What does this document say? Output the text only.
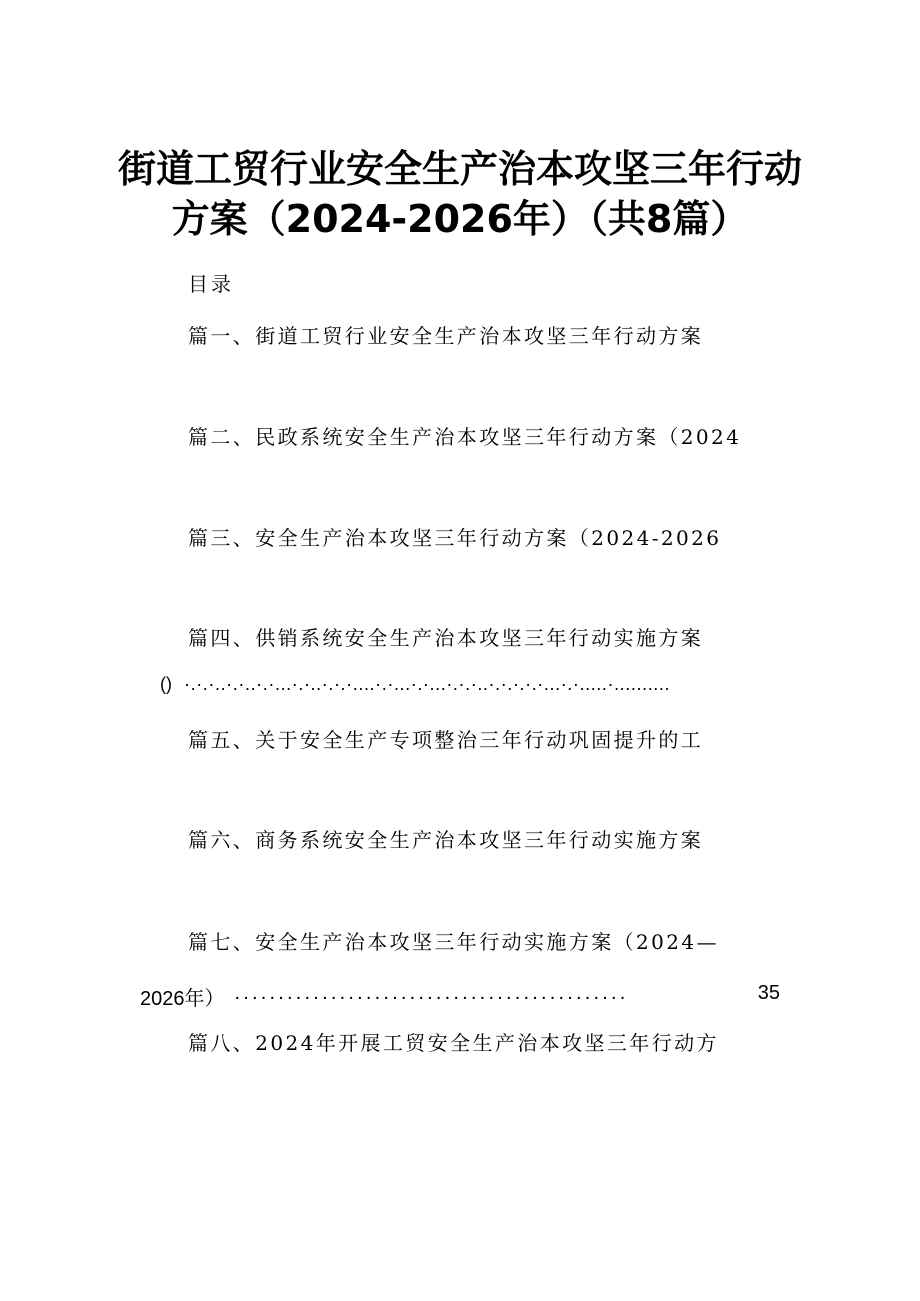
街道工贸行业安全生产治本攻坚三年行动
方案（2024-2026年）（共8篇）
目录
篇一、街道工贸行业安全生产治本攻坚三年行动方案
篇二、民政系统安全生产治本攻坚三年行动方案（2024
篇三、安全生产治本攻坚三年行动方案（2024-2026
篇四、供销系统安全生产治本攻坚三年行动实施方案
() ·.·.·..·.·..·.·...·.·..·.·.·....·.·...·.·...·.·.·..·.·.·.·.·...·.·.....·..........
篇五、关于安全生产专项整治三年行动巩固提升的工
篇六、商务系统安全生产治本攻坚三年行动实施方案
篇七、安全生产治本攻坚三年行动实施方案（2024—
2026年） .............................................	35
篇八、2024年开展工贸安全生产治本攻坚三年行动方
